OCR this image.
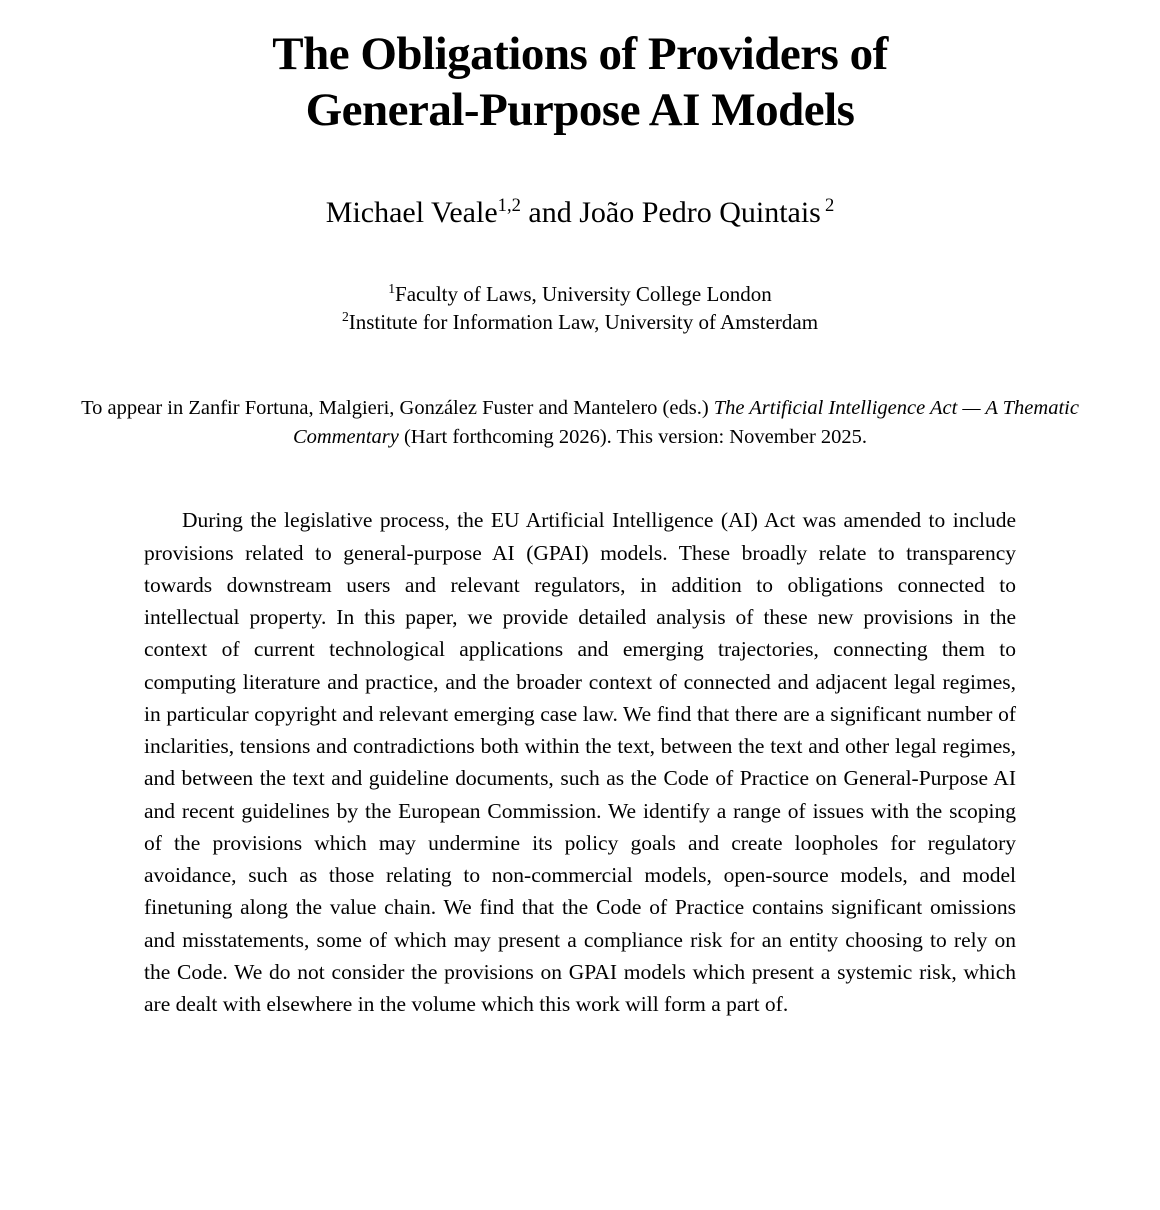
The Obligations of Providers of
General-Purpose AI Models
Michael Veale$^{1,2}$ and João Pedro Quintais $^2$
$^1$Faculty of Laws, University College London
$^2$Institute for Information Law, University of Amsterdam

To appear in Zanfir Fortuna, Malgieri, González Fuster and Mantelero (eds.) The Artificial Intelligence Act — A Thematic Commentary (Hart forthcoming 2026). This version: November 2025.

During the legislative process, the EU Artificial Intelligence (AI) Act was amended to include provisions related to general-purpose AI (GPAI) models. These broadly relate to transparency towards downstream users and relevant regulators, in addition to obligations connected to intellectual property. In this paper, we provide detailed analysis of these new provisions in the context of current technological applications and emerging trajectories, connecting them to computing literature and practice, and the broader context of connected and adjacent legal regimes, in particular copyright and relevant emerging case law. We find that there are a significant number of inclarities, tensions and contradictions both within the text, between the text and other legal regimes, and between the text and guideline documents, such as the Code of Practice on General-Purpose AI and recent guidelines by the European Commission. We identify a range of issues with the scoping of the provisions which may undermine its policy goals and create loopholes for regulatory avoidance, such as those relating to non-commercial models, open-source models, and model finetuning along the value chain. We find that the Code of Practice contains significant omissions and misstatements, some of which may present a compliance risk for an entity choosing to rely on the Code. We do not consider the provisions on GPAI models which present a systemic risk, which are dealt with elsewhere in the volume which this work will form a part of.
